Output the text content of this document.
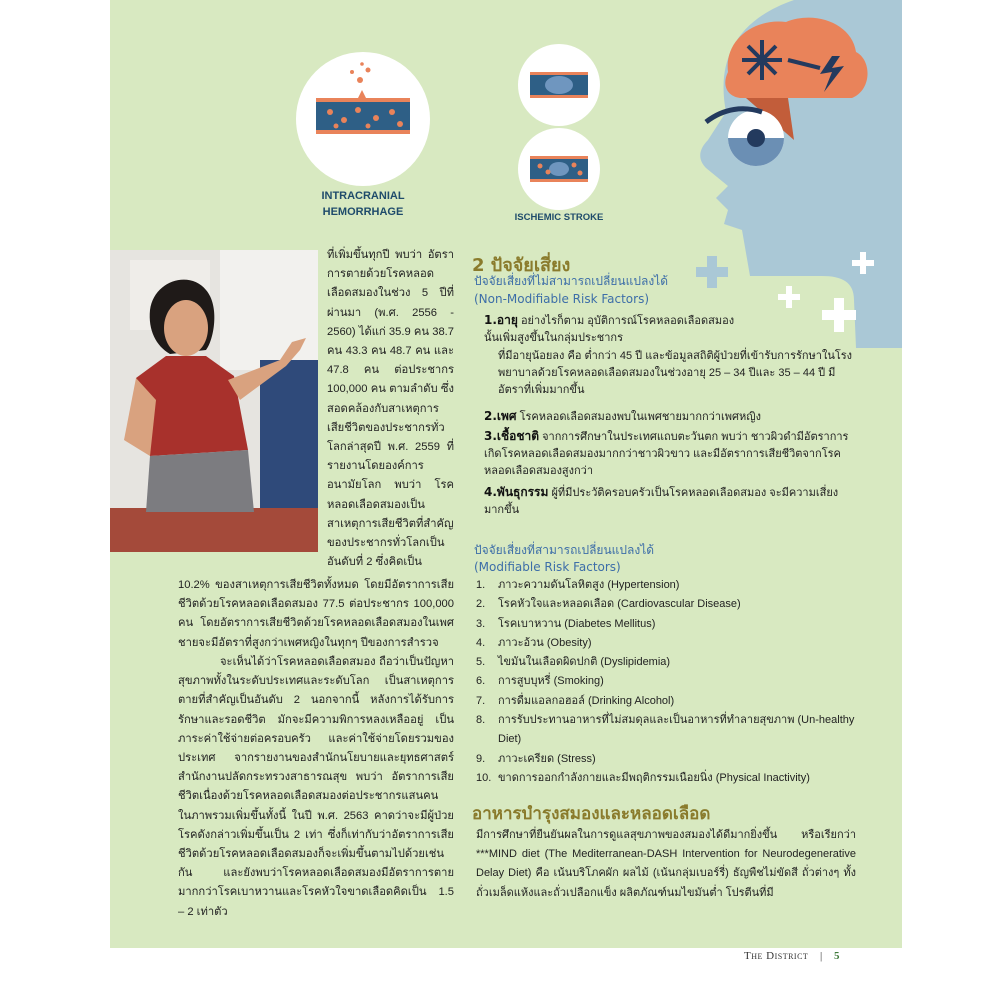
INTRACRANIAL
HEMORRHAGE	ISCHEMIC STROKE
ที่เพิ่มขึ้นทุกปี พบว่า อัตราการตายด้วยโรคหลอดเลือดสมองในช่วง 5 ปีที่ผ่านมา (พ.ศ. 2556 - 2560) ได้แก่ 35.9 คน 38.7 คน 43.3 คน 48.7 คน และ 47.8 คน ต่อประชากร 100,000 คน ตามลำดับ ซึ่งสอดคล้องกับสาเหตุการเสียชีวิตของประชากรทั่วโลกล่าสุดปี พ.ศ. 2559 ที่รายงานโดยองค์การอนามัยโลก พบว่า โรคหลอดเลือดสมองเป็นสาเหตุการเสียชีวิตที่สำคัญของประชากรทั่วโลกเป็นอันดับที่ 2 ซึ่งคิดเป็น
10.2% ของสาเหตุการเสียชีวิตทั้งหมด โดยมีอัตราการเสียชีวิตด้วยโรคหลอดเลือดสมอง 77.5 ต่อประชากร 100,000 คน โดยอัตราการเสียชีวิตด้วยโรคหลอดเลือดสมองในเพศชายจะมีอัตราที่สูงกว่าเพศหญิงในทุกๆ ปีของการสำรวจ
จะเห็นได้ว่าโรคหลอดเลือดสมอง ถือว่าเป็นปัญหาสุขภาพทั้งในระดับประเทศและระดับโลก เป็นสาเหตุการตายที่สำคัญเป็นอันดับ 2 นอกจากนี้ หลังการได้รับการรักษาและรอดชีวิต มักจะมีความพิการหลงเหลืออยู่ เป็นภาระค่าใช้จ่ายต่อครอบครัว และค่าใช้จ่ายโดยรวมของประเทศ จากรายงานของสำนักนโยบายและยุทธศาสตร์ สำนักงานปลัดกระทรวงสาธารณสุข พบว่า อัตราการเสียชีวิตเนื่องด้วยโรคหลอดเลือดสมองต่อประชากรแสนคน ในภาพรวมเพิ่มขึ้นทั้งนี้ ในปี พ.ศ. 2563 คาดว่าจะมีผู้ป่วยโรคดังกล่าวเพิ่มขึ้นเป็น 2 เท่า ซึ่งก็เท่ากับว่าอัตราการเสียชีวิตด้วยโรคหลอดเลือดสมองก็จะเพิ่มขึ้นตามไปด้วยเช่นกัน และยังพบว่าโรคหลอดเลือดสมองมีอัตราการตายมากกว่าโรคเบาหวานและโรคหัวใจขาดเลือดคิดเป็น 1.5 – 2 เท่าตัว
2 ปัจจัยเสี่ยง
ปัจจัยเสี่ยงที่ไม่สามารถเปลี่ยนแปลงได้
(Non-Modifiable Risk Factors)
1.อายุ อย่างไรก็ตาม อุบัติการณ์โรคหลอดเลือดสมองนั้นเพิ่มสูงขึ้นในกลุ่มประชากร
ที่มีอายุน้อยลง คือ ต่ำกว่า 45 ปี และข้อมูลสถิติผู้ป่วยที่เข้ารับการรักษาในโรงพยาบาลด้วยโรคหลอดเลือดสมองในช่วงอายุ 25 – 34 ปีและ 35 – 44 ปี มีอัตราที่เพิ่มมากขึ้น
2.เพศ โรคหลอดเลือดสมองพบในเพศชายมากกว่าเพศหญิง
3.เชื้อชาติ จากการศึกษาในประเทศแถบตะวันตก พบว่า ชาวผิวดำมีอัตราการเกิดโรคหลอดเลือดสมองมากกว่าชาวผิวขาว และมีอัตราการเสียชีวิตจากโรคหลอดเลือดสมองสูงกว่า
4.พันธุกรรม ผู้ที่มีประวัติครอบครัวเป็นโรคหลอดเลือดสมอง จะมีความเสี่ยงมากขึ้น
ปัจจัยเสี่ยงที่สามารถเปลี่ยนแปลงได้
(Modifiable Risk Factors)
1. ภาวะความดันโลหิตสูง (Hypertension)
2. โรคหัวใจและหลอดเลือด (Cardiovascular Disease)
3. โรคเบาหวาน (Diabetes Mellitus)
4. ภาวะอ้วน (Obesity)
5. ไขมันในเลือดผิดปกติ (Dyslipidemia)
6. การสูบบุหรี่ (Smoking)
7. การดื่มแอลกอฮอล์ (Drinking Alcohol)
8.	การรับประทานอาหารที่ไม่สมดุลและเป็นอาหารที่ทำลายสุขภาพ (Un-healthy Diet)
9. ภาวะเครียด (Stress)
10. ขาดการออกกำลังกายและมีพฤติกรรมเนือยนิ่ง (Physical Inactivity)
อาหารบำรุงสมองและหลอดเลือด
มีการศึกษาที่ยืนยันผลในการดูแลสุขภาพของสมองได้ดีมากยิ่งขึ้น หรือเรียกว่า ***MIND diet (The Mediterranean-DASH Intervention for Neurodegenerative Delay Diet) คือ เน้นบริโภคผัก ผลไม้ (เน้นกลุ่มเบอร์รี่) ธัญพืชไม่ขัดสี ถั่วต่างๆ ทั้งถั่วเมล็ดแห้งและถั่วเปลือกแข็ง ผลิตภัณฑ์นมไขมันต่ำ โปรตีนที่มี
The District | 5
